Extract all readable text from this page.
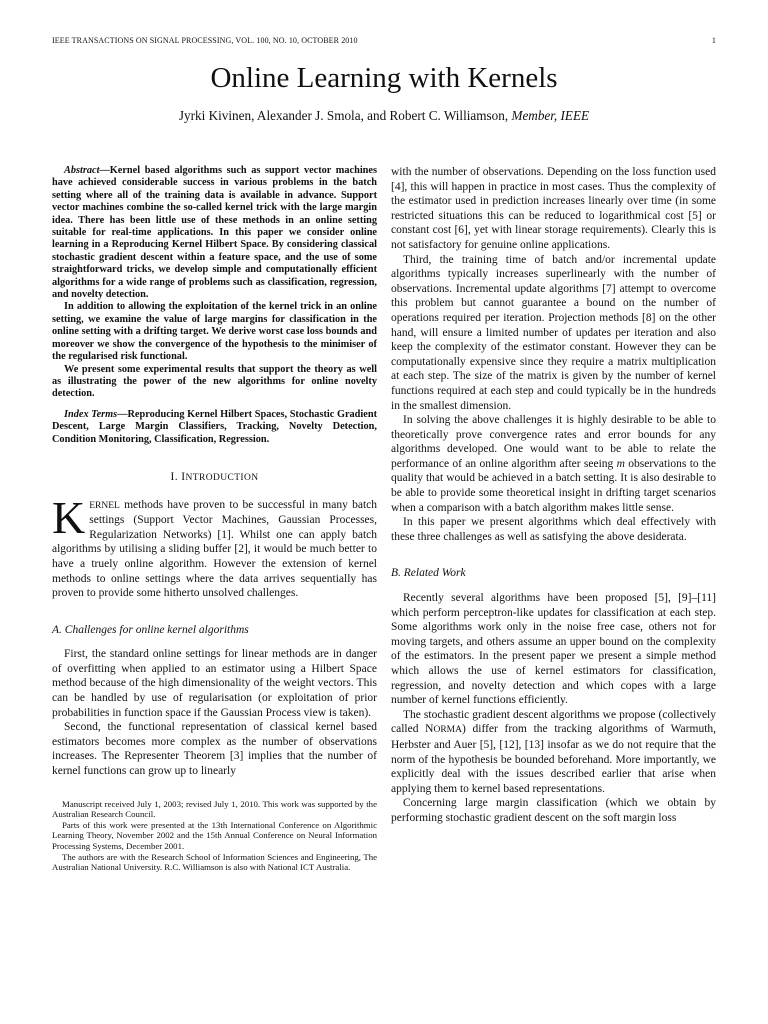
IEEE TRANSACTIONS ON SIGNAL PROCESSING, VOL. 100, NO. 10, OCTOBER 2010	1
Online Learning with Kernels
Jyrki Kivinen, Alexander J. Smola, and Robert C. Williamson, Member, IEEE

Abstract—Kernel based algorithms such as support vector machines have achieved considerable success in various problems in the batch setting where all of the training data is available in advance. Support vector machines combine the so-called kernel trick with the large margin idea. There has been little use of these methods in an online setting suitable for real-time applications. In this paper we consider online learning in a Reproducing Kernel Hilbert Space. By considering classical stochastic gradient descent within a feature space, and the use of some straightforward tricks, we develop simple and computationally efficient algorithms for a wide range of problems such as classification, regression, and novelty detection.

In addition to allowing the exploitation of the kernel trick in an online setting, we examine the value of large margins for classification in the online setting with a drifting target. We derive worst case loss bounds and moreover we show the convergence of the hypothesis to the minimiser of the regularised risk functional.

We present some experimental results that support the theory as well as illustrating the power of the new algorithms for online novelty detection.

Index Terms—Reproducing Kernel Hilbert Spaces, Stochastic Gradient Descent, Large Margin Classifiers, Tracking, Novelty Detection, Condition Monitoring, Classification, Regression.

I. INTRODUCTION

KERNEL methods have proven to be successful in many batch settings (Support Vector Machines, Gaussian Processes, Regularization Networks) [1]. Whilst one can apply batch algorithms by utilising a sliding buffer [2], it would be much better to have a truely online algorithm. However the extension of kernel methods to online settings where the data arrives sequentially has proven to provide some hitherto unsolved challenges.

A. Challenges for online kernel algorithms

First, the standard online settings for linear methods are in danger of overfitting when applied to an estimator using a Hilbert Space method because of the high dimensionality of the weight vectors. This can be handled by use of regularisation (or exploitation of prior probabilities in function space if the Gaussian Process view is taken).

Second, the functional representation of classical kernel based estimators becomes more complex as the number of observations increases. The Representer Theorem [3] implies that the number of kernel functions can grow up to linearly

Manuscript received July 1, 2003; revised July 1, 2010. This work was supported by the Australian Research Council.

Parts of this work were presented at the 13th International Conference on Algorithmic Learning Theory, November 2002 and the 15th Annual Conference on Neural Information Processing Systems, December 2001.

The authors are with the Research School of Information Sciences and Engineering, The Australian National University. R.C. Williamson is also with National ICT Australia.

with the number of observations. Depending on the loss function used [4], this will happen in practice in most cases. Thus the complexity of the estimator used in prediction increases linearly over time (in some restricted situations this can be reduced to logarithmical cost [5] or constant cost [6], yet with linear storage requirements). Clearly this is not satisfactory for genuine online applications.

Third, the training time of batch and/or incremental update algorithms typically increases superlinearly with the number of observations. Incremental update algorithms [7] attempt to overcome this problem but cannot guarantee a bound on the number of operations required per iteration. Projection methods [8] on the other hand, will ensure a limited number of updates per iteration and also keep the complexity of the estimator constant. However they can be computationally expensive since they require a matrix multiplication at each step. The size of the matrix is given by the number of kernel functions required at each step and could typically be in the hundreds in the smallest dimension.

In solving the above challenges it is highly desirable to be able to theoretically prove convergence rates and error bounds for any algorithms developed. One would want to be able to relate the performance of an online algorithm after seeing m observations to the quality that would be achieved in a batch setting. It is also desirable to be able to provide some theoretical insight in drifting target scenarios when a comparison with a batch algorithm makes little sense.

In this paper we present algorithms which deal effectively with these three challenges as well as satisfying the above desiderata.

B. Related Work

Recently several algorithms have been proposed [5], [9]–[11] which perform perceptron-like updates for classification at each step. Some algorithms work only in the noise free case, others not for moving targets, and others assume an upper bound on the complexity of the estimators. In the present paper we present a simple method which allows the use of kernel estimators for classification, regression, and novelty detection and which copes with a large number of kernel functions efficiently.

The stochastic gradient descent algorithms we propose (collectively called NORMA) differ from the tracking algorithms of Warmuth, Herbster and Auer [5], [12], [13] insofar as we do not require that the norm of the hypothesis be bounded beforehand. More importantly, we explicitly deal with the issues described earlier that arise when applying them to kernel based representations.

Concerning large margin classification (which we obtain by performing stochastic gradient descent on the soft margin loss
